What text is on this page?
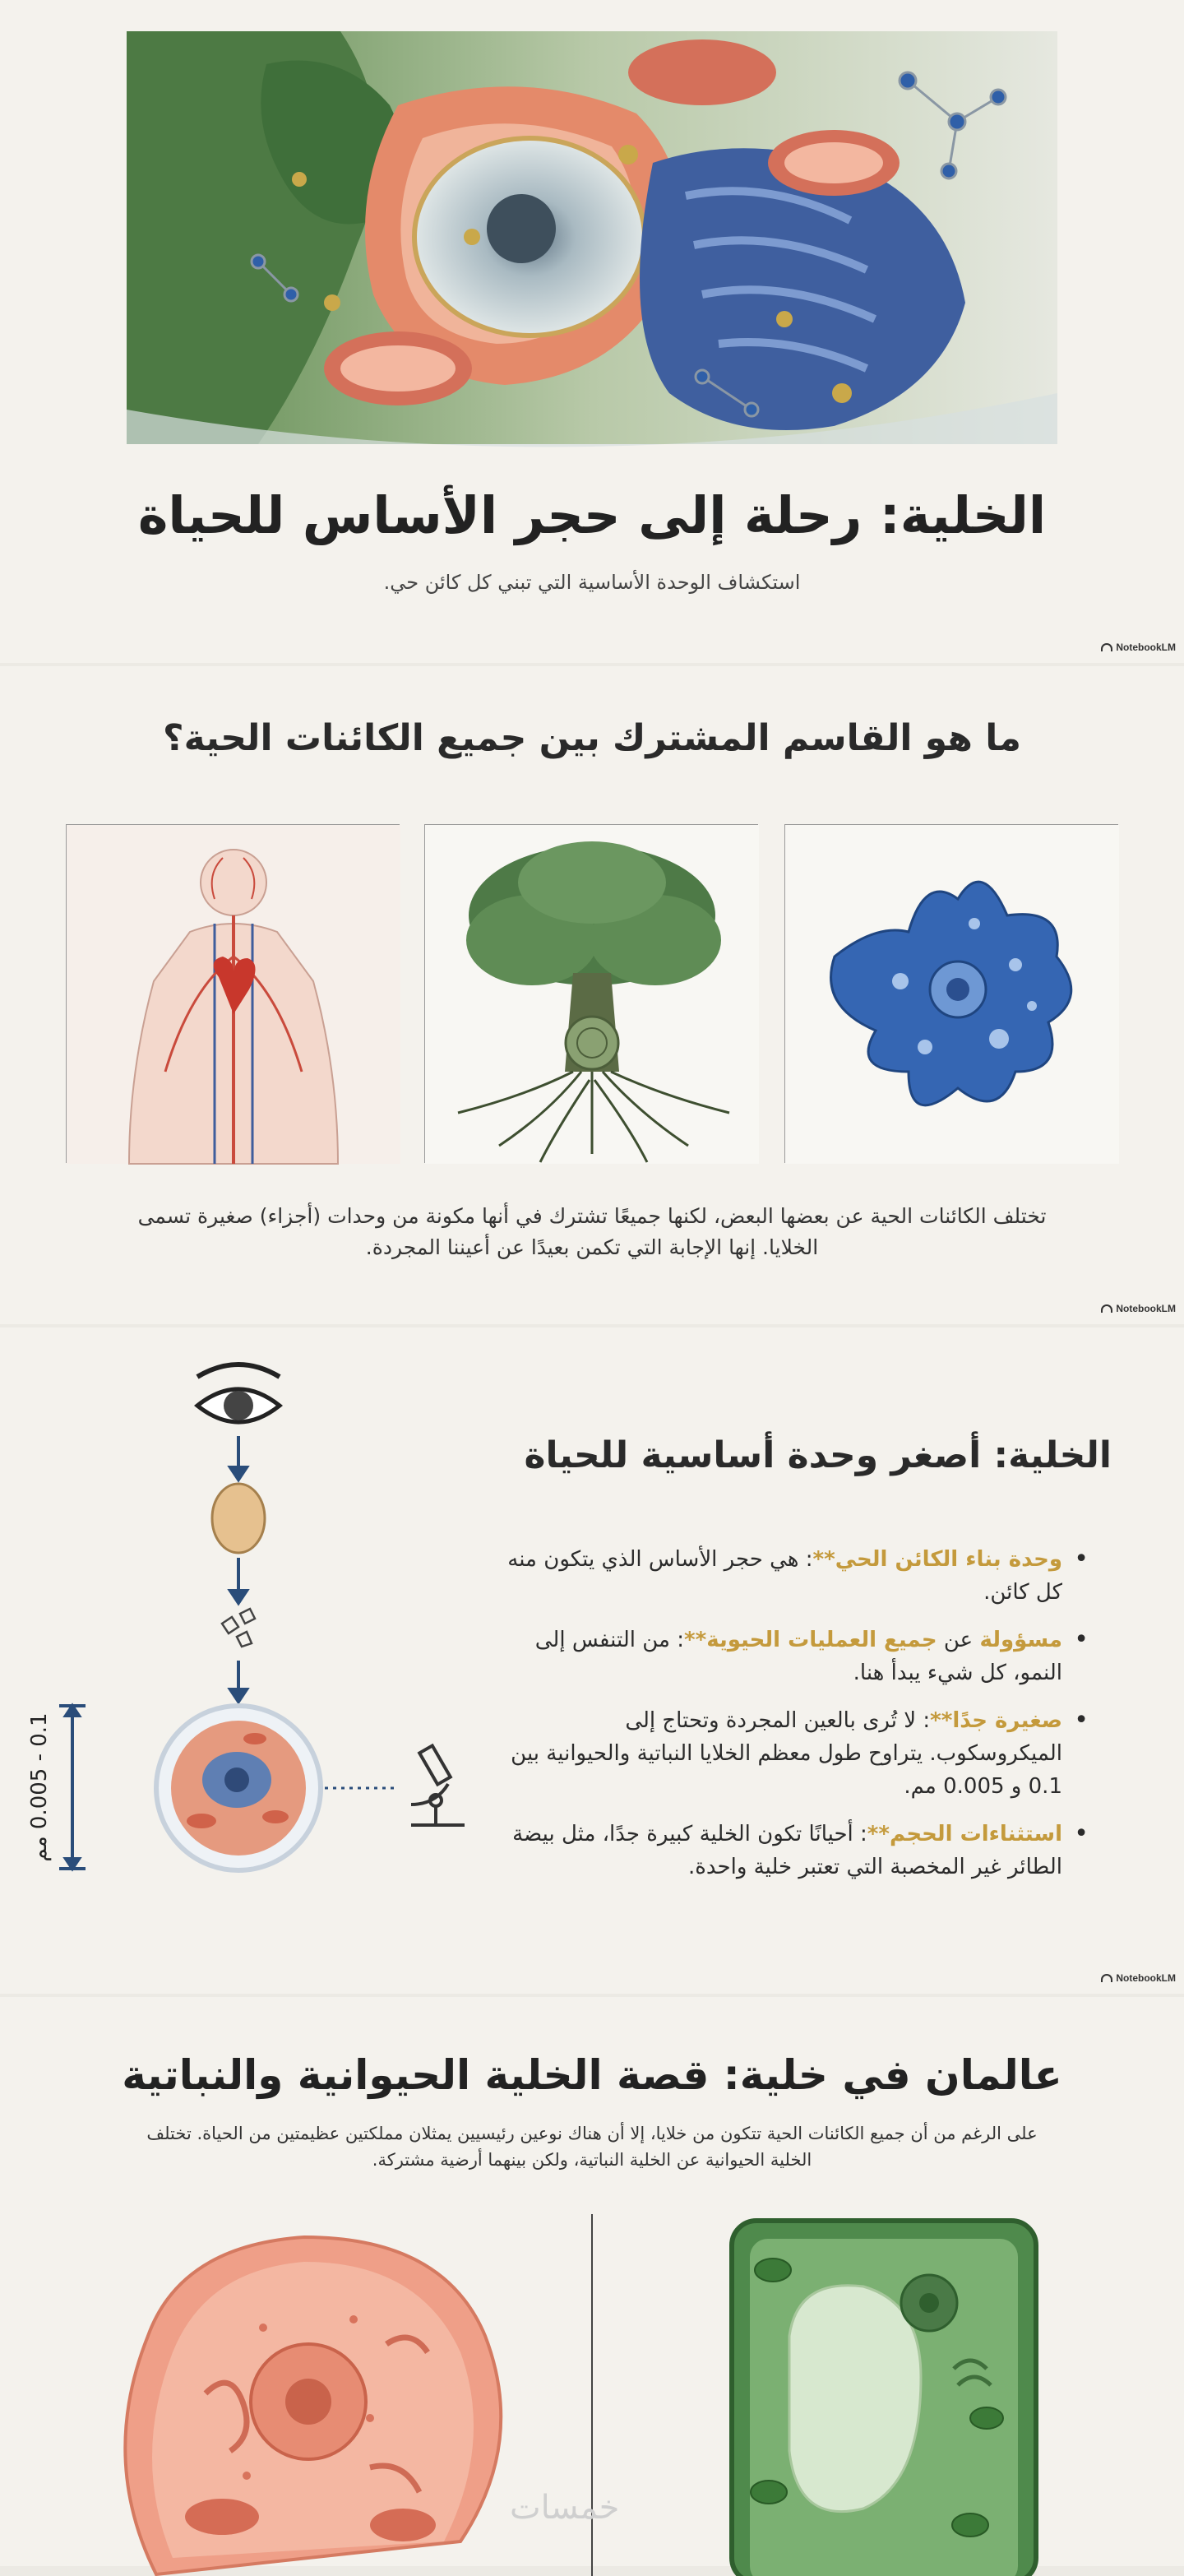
الخلية: رحلة إلى حجر الأساس للحياة

استكشاف الوحدة الأساسية التي تبني كل كائن حي.

NotebookLM
ما هو القاسم المشترك بين جميع الكائنات الحية؟

تختلف الكائنات الحية عن بعضها البعض، لكنها جميعًا تشترك في أنها مكونة من وحدات (أجزاء) صغيرة تسمى الخلايا. إنها الإجابة التي تكمن بعيدًا عن أعيننا المجردة.

NotebookLM
0.1 - 0.005 مم
الخلية: أصغر وحدة أساسية للحياة
• وحدة بناء الكائن الحي**: هي حجر الأساس الذي يتكون منه كل كائن.
• مسؤولة عن جميع العمليات الحيوية**: من التنفس إلى النمو، كل شيء يبدأ هنا.
• صغيرة جدًا**: لا تُرى بالعين المجردة وتحتاج إلى الميكروسكوب. يتراوح طول معظم الخلايا النباتية والحيوانية بين 0.1 و 0.005 مم.
• استثناءات الحجم**: أحيانًا تكون الخلية كبيرة جدًا، مثل بيضة الطائر غير المخصبة التي تعتبر خلية واحدة.
NotebookLM
عالمان في خلية: قصة الخلية الحيوانية والنباتية

على الرغم من أن جميع الكائنات الحية تتكون من خلايا، إلا أن هناك نوعين رئيسيين يمثلان مملكتين عظيمتين من الحياة. تختلف الخلية الحيوانية عن الخلية النباتية، ولكن بينهما أرضية مشتركة.

خمسات
